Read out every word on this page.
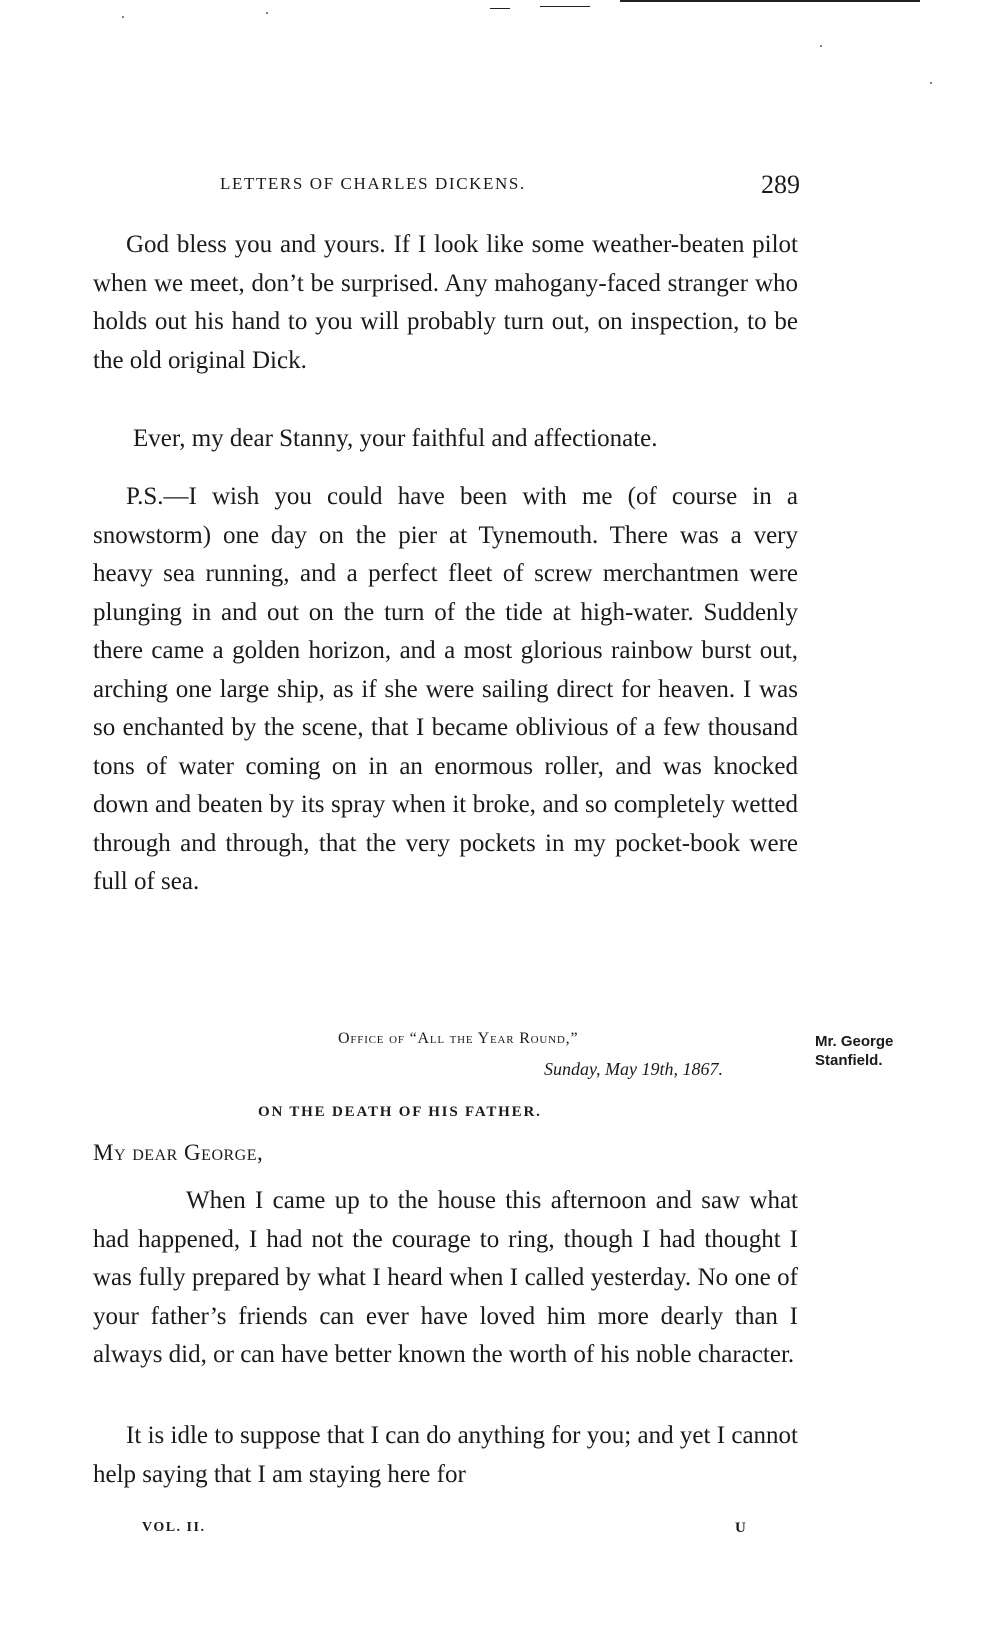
LETTERS OF CHARLES DICKENS.	289

God bless you and yours. If I look like some weather-beaten pilot when we meet, don’t be surprised. Any mahogany-faced stranger who holds out his hand to you will probably turn out, on inspection, to be the old original Dick.

Ever, my dear Stanny, your faithful and affectionate.

P.S.—I wish you could have been with me (of course in a snowstorm) one day on the pier at Tynemouth. There was a very heavy sea running, and a perfect fleet of screw merchantmen were plunging in and out on the turn of the tide at high-water. Suddenly there came a golden horizon, and a most glorious rainbow burst out, arching one large ship, as if she were sailing direct for heaven. I was so enchanted by the scene, that I became oblivious of a few thousand tons of water coming on in an enormous roller, and was knocked down and beaten by its spray when it broke, and so completely wetted through and through, that the very pockets in my pocket-book were full of sea.

Office of “All the Year Round,”
Sunday, May 19th, 1867.
Mr. George
Stanfield.
ON THE DEATH OF HIS FATHER.
My dear George,

When I came up to the house this afternoon and saw what had happened, I had not the courage to ring, though I had thought I was fully prepared by what I heard when I called yesterday. No one of your father’s friends can ever have loved him more dearly than I always did, or can have better known the worth of his noble character.

It is idle to suppose that I can do anything for you; and yet I cannot help saying that I am staying here for

VOL. II.	U
